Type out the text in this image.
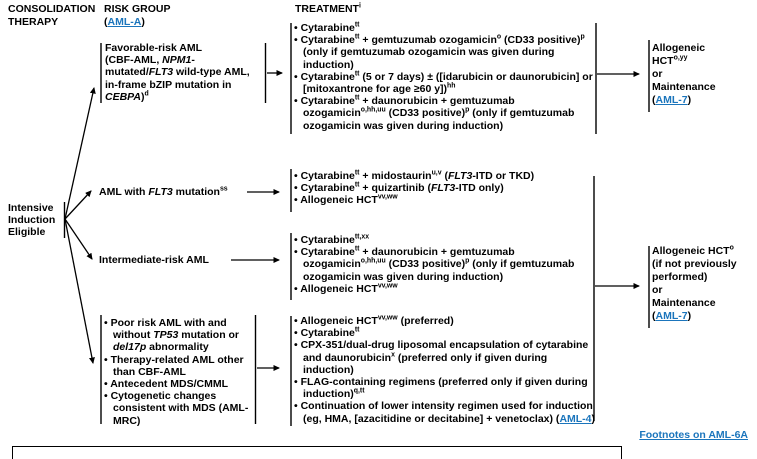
CONSOLIDATION
THERAPY
RISK GROUP
(AML-A)
TREATMENT$^i$
Intensive
Induction
Eligible
Favorable-risk AML
(CBF-AML, NPM1-
mutated/FLT3 wild-type AML,
in-frame bZIP mutation in
CEBPA)$^d$
AML with FLT3 mutation$^{ss}$
Intermediate-risk AML
• Poor risk AML with and without TP53 mutation or del17p abnormality
• Therapy-related AML other than CBF-AML
• Antecedent MDS/CMML
• Cytogenetic changes consistent with MDS (AML-MRC)
• Cytarabine$^{tt}$
• Cytarabine$^{tt}$ + gemtuzumab ozogamicin$^o$ (CD33 positive)$^p$ (only if gemtuzumab ozogamicin was given during induction)
• Cytarabine$^{tt}$ (5 or 7 days) ± ([idarubicin or daunorubicin] or [mitoxantrone for age ≥60 y])$^{hh}$
• Cytarabine$^{tt}$ + daunorubicin + gemtuzumab ozogamicin$^{o,hh,uu}$ (CD33 positive)$^p$ (only if gemtuzumab ozogamicin was given during induction)
• Cytarabine$^{tt}$ + midostaurin$^{u,v}$ (FLT3-ITD or TKD)
• Cytarabine$^{tt}$ + quizartinib (FLT3-ITD only)
• Allogeneic $HCT^{vv,ww}$
• Cytarabine$^{tt,xx}$
• Cytarabine$^{tt}$ + daunorubicin + gemtuzumab ozogamicin$^{o,hh,uu}$ (CD33 positive)$^p$ (only if gemtuzumab ozogamicin was given during induction)
• Allogeneic $HCT^{vv,ww}$
• Allogeneic $HCT^{vv,ww}$ (preferred)
• Cytarabine$^{tt}$
• CPX-351/dual-drug liposomal encapsulation of cytarabine and daunorubicin$^x$ (preferred only if given during induction)
• FLAG-containing regimens (preferred only if given during induction)$^{q,tt}$
• Continuation of lower intensity regimen used for induction (eg, HMA, [azacitidine or decitabine] + venetoclax) (AML-4)
Allogeneic
$HCT^{o,yy}$
or
Maintenance
(AML-7)
Allogeneic HCT$^o$
(if not previously
performed)
or
Maintenance
(AML-7)
Footnotes on AML-6A
